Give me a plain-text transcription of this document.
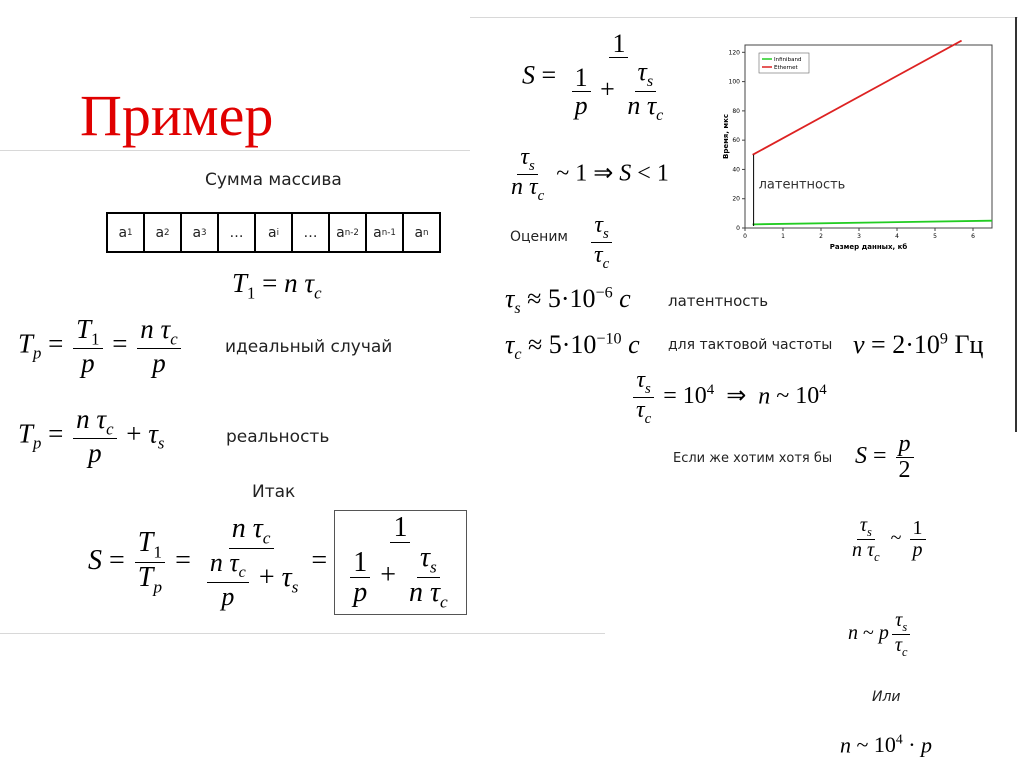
Пример
Сумма массива
a 1	a 2	a 3	…	a i	…	a n-2	a n-1	a n
$T_1 = n$ $\tau_c$
$T_p = \frac{T_1}{p} = \frac{n \tau_c}{p}$	идеальный случай
$T_p = \frac{n \tau_c}{p} + \tau_s$	реальность
Итак
$S = \frac{T_1}{T_p} = \frac{n \tau_c}{\frac{n \tau_c}{p} + \tau_s} = \frac{1}{\frac{1}{p} + \frac{\tau_s}{n \tau_c}}$
$S = \frac{1}{\frac{1}{p} + \frac{\tau_s}{n \tau_c}}$
$\frac{\tau_s}{n \tau_c}$ ~ 1 ⇒ S < 1
Оценим $\frac{\tau_s}{\tau_c}$
$\tau_s \approx 5\cdot 10^{-6}$ c латентность
$\tau_c \approx 5\cdot 10^{-10}$ c для тактовой частоты $\nu = 2\cdot 10^9$ Гц
$\frac{\tau_s}{\tau_c} = 10^4$  ⇒  n ~ $10^4$
Если же хотим хотя бы $S = \frac{p}{2}$
$\frac{\tau_s}{n \tau_c}$ ~ $\frac{1}{p}$
n ~ p $\frac{\tau_s}{\tau_c}$
Или
n ~ $10^4 \cdot p$
0
20
40
60
80
100
120
0	1	2	3	4	5	6
Размер данных, кб
Время, мкс
Infiniband
Ethernet
латентность
